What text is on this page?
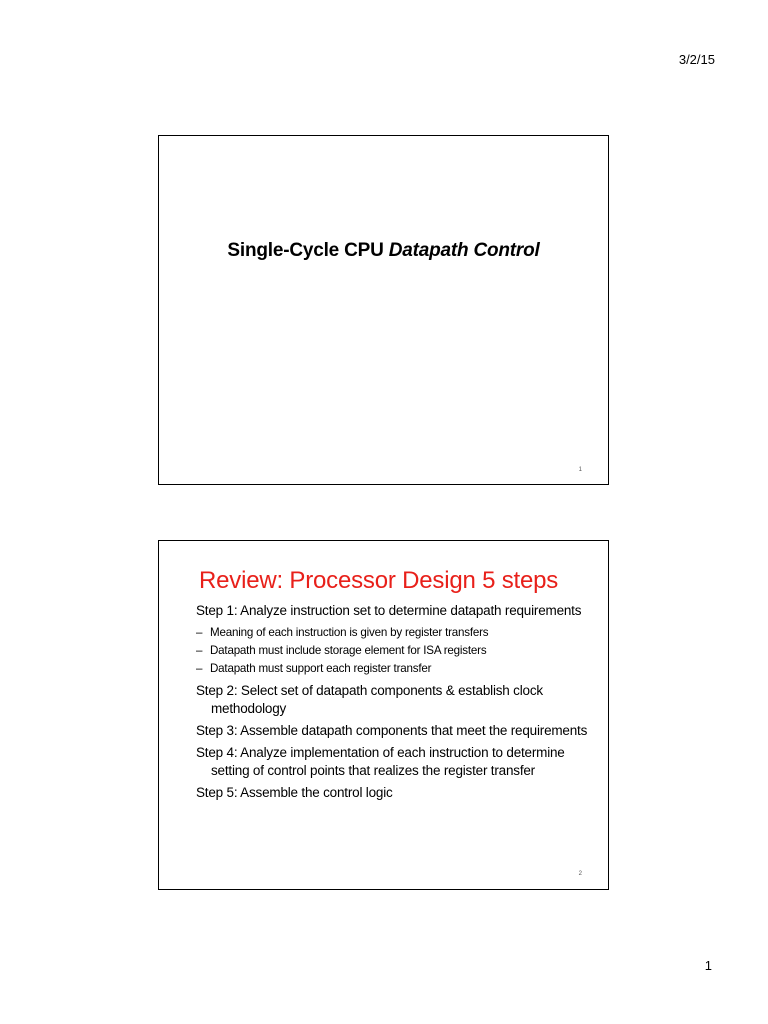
3/2/15
Single-Cycle CPU Datapath Control
1
Review: Processor Design 5 steps
Step 1: Analyze instruction set to determine datapath requirements
– Meaning of each instruction is given by register transfers
– Datapath must include storage element for ISA registers
– Datapath must support each register transfer
Step 2: Select set of datapath components & establish clock methodology
Step 3: Assemble datapath components that meet the requirements
Step 4: Analyze implementation of each instruction to determine setting of control points that realizes the register transfer
Step 5: Assemble the control logic
2
1
